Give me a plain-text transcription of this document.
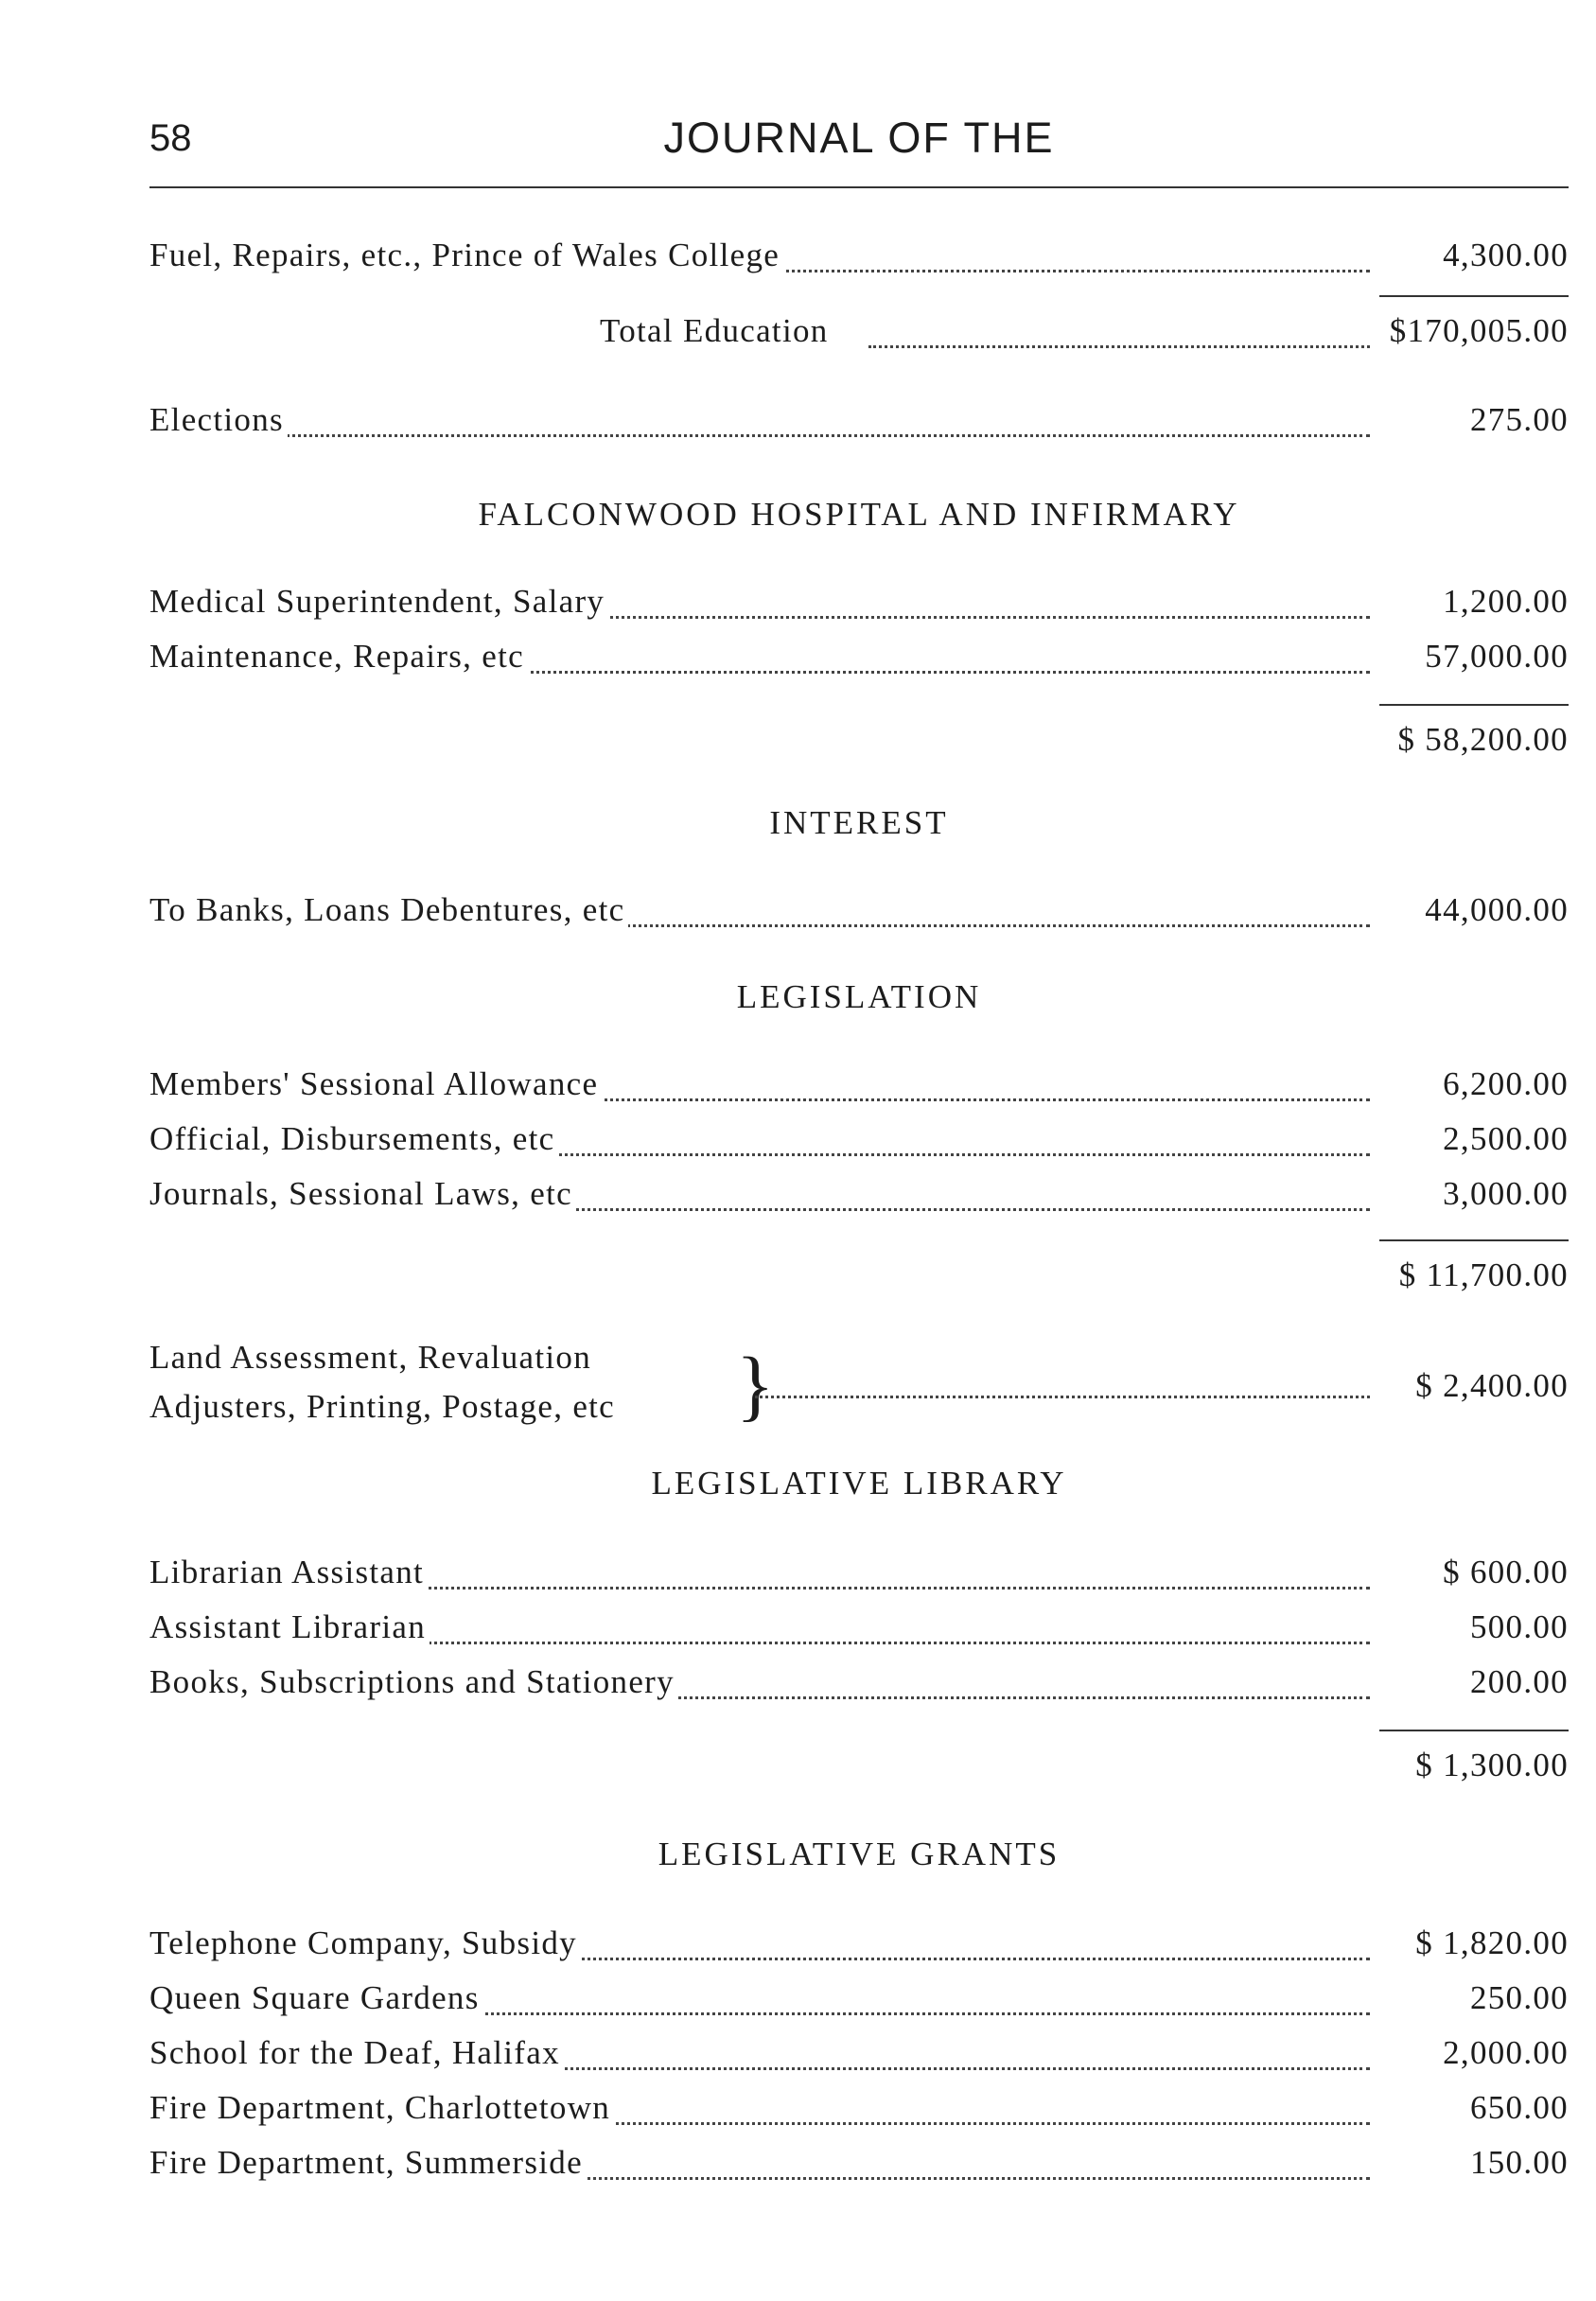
58	JOURNAL OF THE
Fuel, Repairs, etc., Prince of Wales College	4,300.00
Total Education	$170,005.00
Elections	275.00
FALCONWOOD HOSPITAL AND INFIRMARY
Medical Superintendent, Salary	1,200.00
Maintenance, Repairs, etc	57,000.00
$ 58,200.00
INTEREST
To Banks, Loans Debentures, etc	44,000.00
LEGISLATION
Members' Sessional Allowance	6,200.00
Official, Disbursements, etc	2,500.00
Journals, Sessional Laws, etc	3,000.00
$ 11,700.00
Land Assessment, Revaluation
Adjusters, Printing, Postage, etc }	$ 2,400.00
LEGISLATIVE LIBRARY
Librarian Assistant	$ 600.00
Assistant Librarian	500.00
Books, Subscriptions and Stationery	200.00
$ 1,300.00
LEGISLATIVE GRANTS
Telephone Company, Subsidy	$ 1,820.00
Queen Square Gardens	250.00
School for the Deaf, Halifax	2,000.00
Fire Department, Charlottetown	650.00
Fire Department, Summerside	150.00
